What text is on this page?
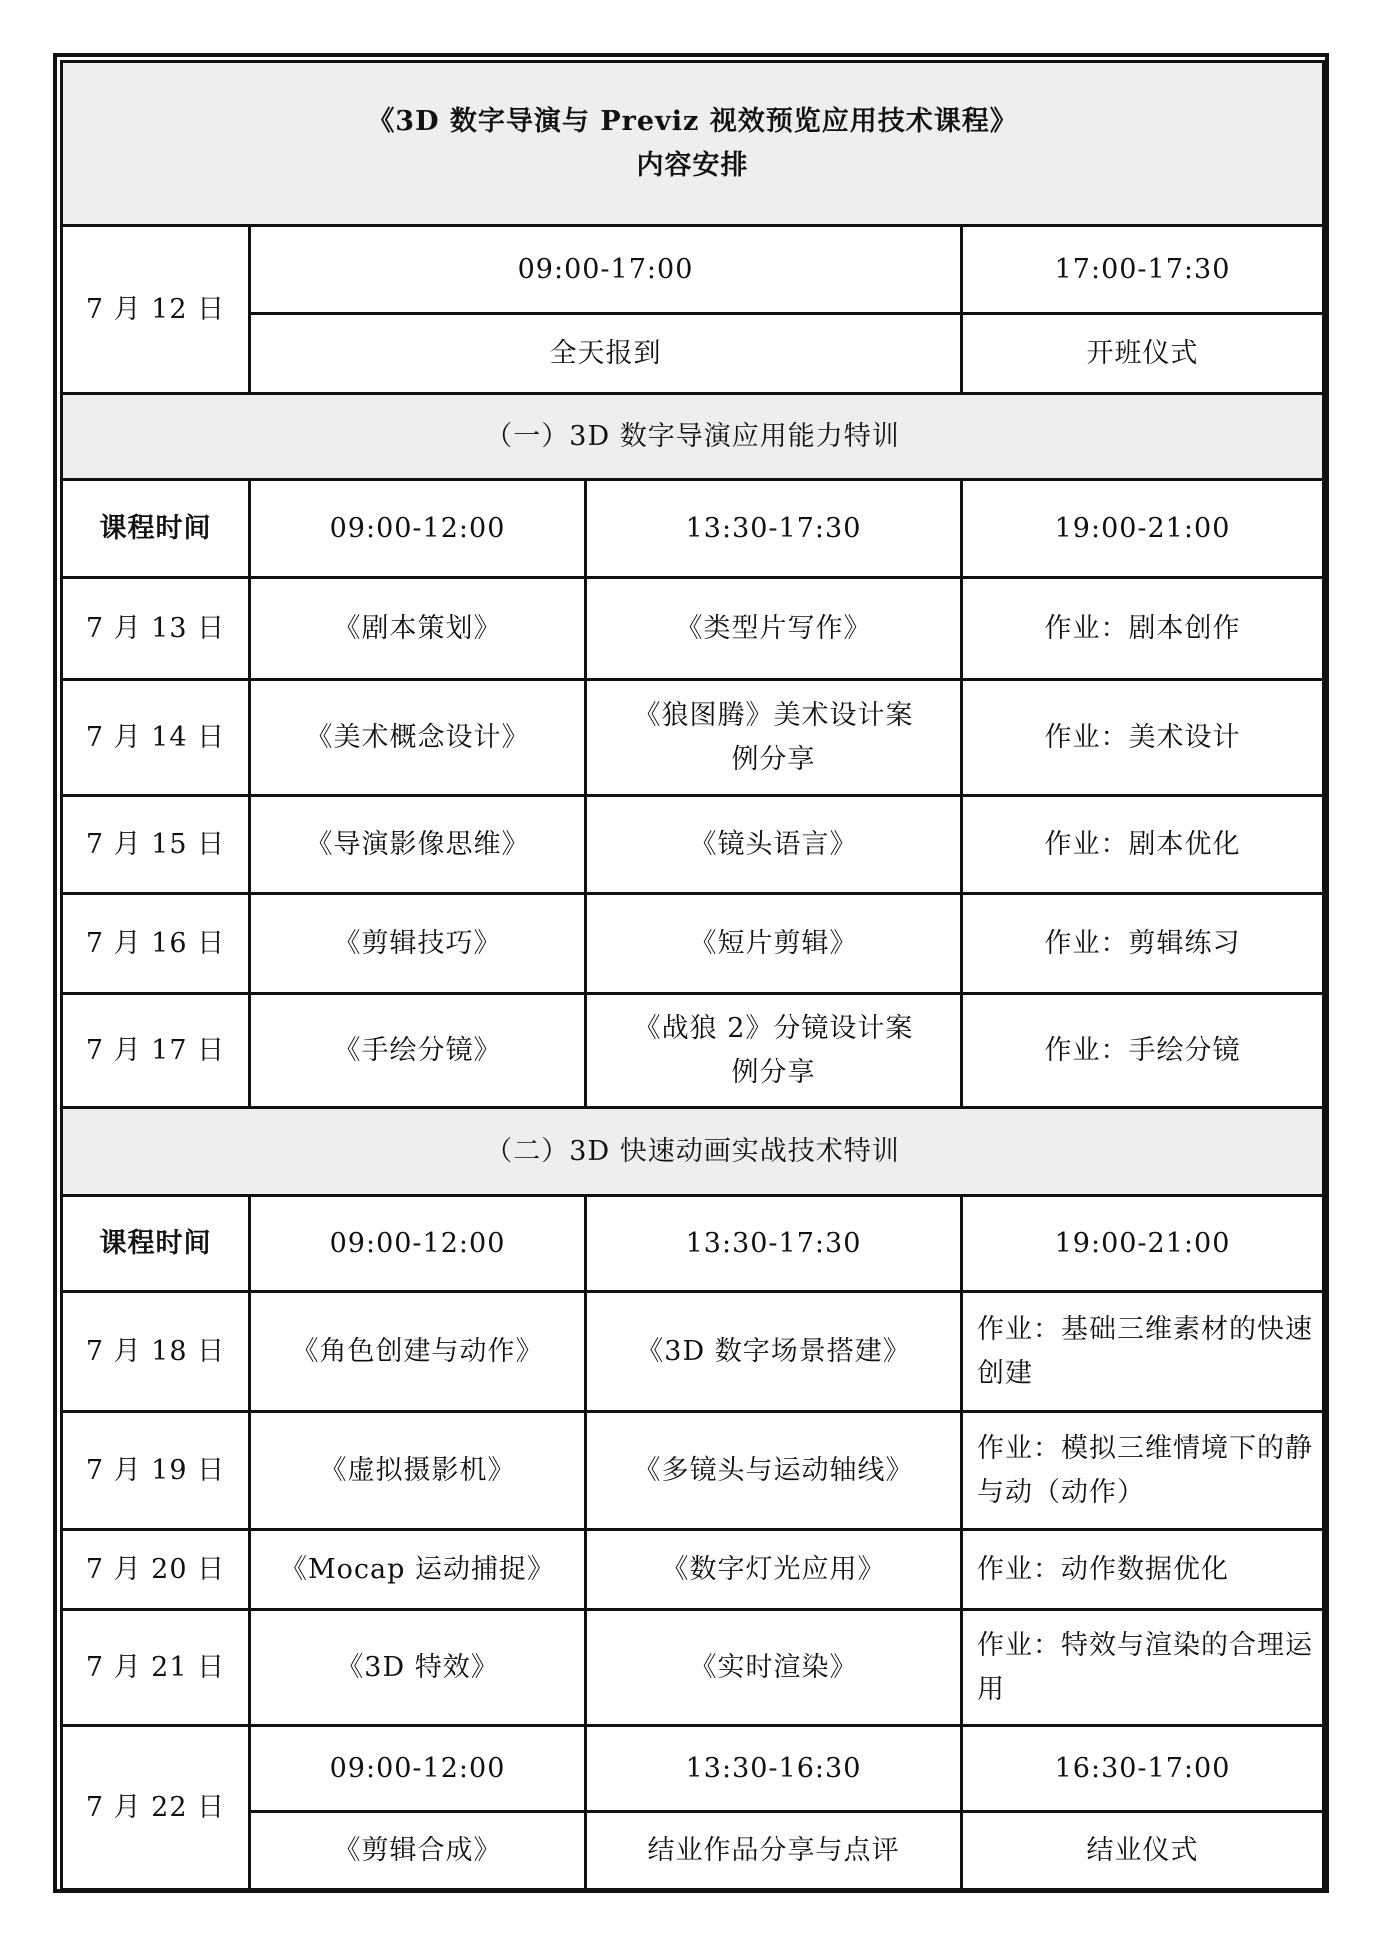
《3D 数字导演与 Previz 视效预览应用技术课程》
内容安排			

7 月 12 日	09:00-17:00		17:00-17:30
	全天报到		开班仪式
（一）3D 数字导演应用能力特训			
课程时间	09:00-12:00	13:30-17:30	19:00-21:00
7 月 13 日	《剧本策划》	《类型片写作》	作业：剧本创作
7 月 14 日	《美术概念设计》	《狼图腾》美术设计案例分享	作业：美术设计
7 月 15 日	《导演影像思维》	《镜头语言》	作业：剧本优化
7 月 16 日	《剪辑技巧》	《短片剪辑》	作业：剪辑练习
7 月 17 日	《手绘分镜》	《战狼 2》分镜设计案例分享	作业：手绘分镜
（二）3D 快速动画实战技术特训			
课程时间	09:00-12:00	13:30-17:30	19:00-21:00
7 月 18 日	《角色创建与动作》	《3D 数字场景搭建》	作业：基础三维素材的快速创建
7 月 19 日	《虚拟摄影机》	《多镜头与运动轴线》	作业：模拟三维情境下的静与动（动作）
7 月 20 日	《Mocap 运动捕捉》	《数字灯光应用》	作业：动作数据优化
7 月 21 日	《3D 特效》	《实时渲染》	作业：特效与渲染的合理运用
7 月 22 日	09:00-12:00	13:30-16:30	16:30-17:00
	《剪辑合成》	结业作品分享与点评	结业仪式
